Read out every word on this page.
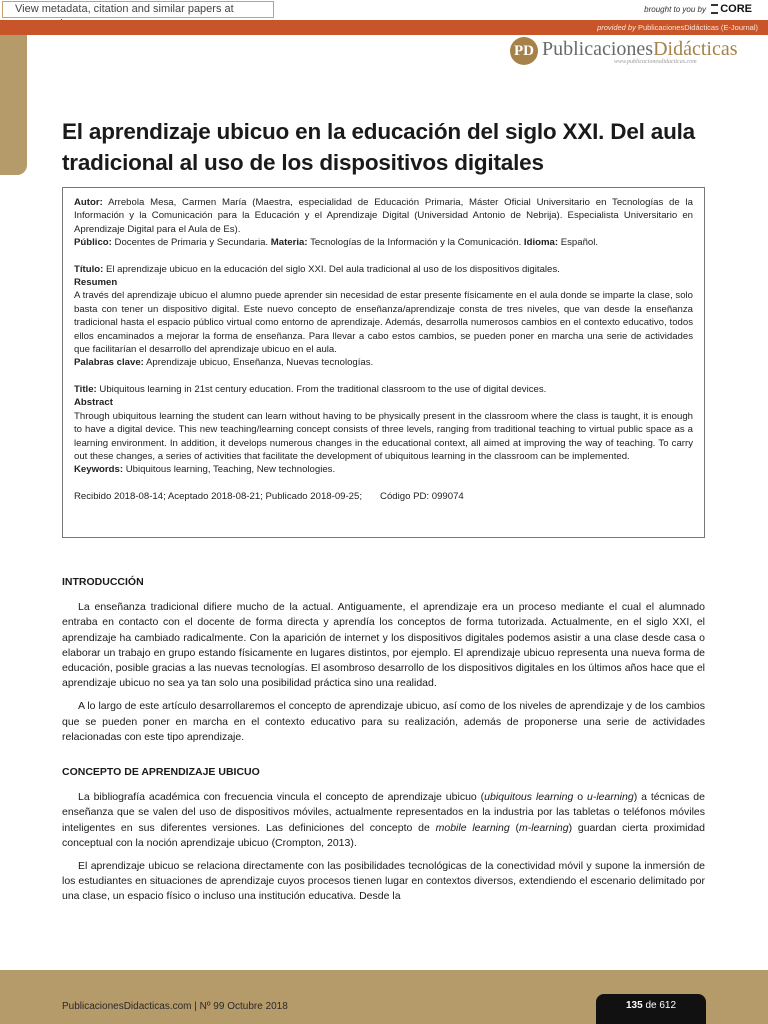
View metadata, citation and similar papers at	brought to you by CORE
provided by PublicacionesDidácticas (E-Journal)
PD PublicacionesDidácticas
www.publicacionesdidacticas.com
El aprendizaje ubicuo en la educación del siglo XXI. Del aula tradicional al uso de los dispositivos digitales

Autor: Arrebola Mesa, Carmen María (Maestra, especialidad de Educación Primaria, Máster Oficial Universitario en Tecnologías de la Información y la Comunicación para la Educación y el Aprendizaje Digital (Universidad Antonio de Nebrija). Especialista Universitario en Aprendizaje Digital para el Aula de Es).

Público: Docentes de Primaria y Secundaria. Materia: Tecnologías de la Información y la Comunicación. Idioma: Español.

Título: El aprendizaje ubicuo en la educación del siglo XXI. Del aula tradicional al uso de los dispositivos digitales.

Resumen

A través del aprendizaje ubicuo el alumno puede aprender sin necesidad de estar presente físicamente en el aula donde se imparte la clase, solo basta con tener un dispositivo digital. Este nuevo concepto de enseñanza/aprendizaje consta de tres niveles, que van desde la enseñanza tradicional hasta el espacio público virtual como entorno de aprendizaje. Además, desarrolla numerosos cambios en el contexto educativo, todos ellos encaminados a mejorar la forma de enseñanza. Para llevar a cabo estos cambios, se pueden poner en marcha una serie de actividades que facilitarían el desarrollo del aprendizaje ubicuo en el aula.

Palabras clave: Aprendizaje ubicuo, Enseñanza, Nuevas tecnologías.

Title: Ubiquitous learning in 21st century education. From the traditional classroom to the use of digital devices.

Abstract

Through ubiquitous learning the student can learn without having to be physically present in the classroom where the class is taught, it is enough to have a digital device. This new teaching/learning concept consists of three levels, ranging from traditional teaching to virtual public space as a learning environment. In addition, it develops numerous changes in the educational context, all aimed at improving the way of teaching. To carry out these changes, a series of activities that facilitate the development of ubiquitous learning in the classroom can be implemented.

Keywords: Ubiquitous learning, Teaching, New technologies.

Recibido 2018-08-14; Aceptado 2018-08-21; Publicado 2018-09-25; Código PD: 099074

INTRODUCCIÓN

La enseñanza tradicional difiere mucho de la actual. Antiguamente, el aprendizaje era un proceso mediante el cual el alumnado entraba en contacto con el docente de forma directa y aprendía los conceptos de forma tutorizada. Actualmente, en el siglo XXI, el aprendizaje ha cambiado radicalmente. Con la aparición de internet y los dispositivos digitales podemos asistir a una clase desde casa o elaborar un trabajo en grupo estando físicamente en lugares distintos, por ejemplo. El aprendizaje ubicuo representa una nueva forma de educación, posible gracias a las nuevas tecnologías. El asombroso desarrollo de los dispositivos digitales en los últimos años hace que el aprendizaje ubicuo no sea ya tan solo una posibilidad práctica sino una realidad.

A lo largo de este artículo desarrollaremos el concepto de aprendizaje ubicuo, así como de los niveles de aprendizaje y de los cambios que se pueden poner en marcha en el contexto educativo para su realización, además de proponerse una serie de actividades relacionadas con este tipo aprendizaje.

CONCEPTO DE APRENDIZAJE UBICUO

La bibliografía académica con frecuencia vincula el concepto de aprendizaje ubicuo (ubiquitous learning o u-learning) a técnicas de enseñanza que se valen del uso de dispositivos móviles, actualmente representados en la industria por las tabletas o teléfonos móviles inteligentes en sus diferentes versiones. Las definiciones del concepto de mobile learning (m-learning) guardan cierta proximidad conceptual con la noción aprendizaje ubicuo (Crompton, 2013).

El aprendizaje ubicuo se relaciona directamente con las posibilidades tecnológicas de la conectividad móvil y supone la inmersión de los estudiantes en situaciones de aprendizaje cuyos procesos tienen lugar en contextos diversos, extendiendo el escenario delimitado por una clase, un espacio físico o incluso una institución educativa. Desde la

PublicacionesDidacticas.com | Nº 99 Octubre 2018	135 de 612
